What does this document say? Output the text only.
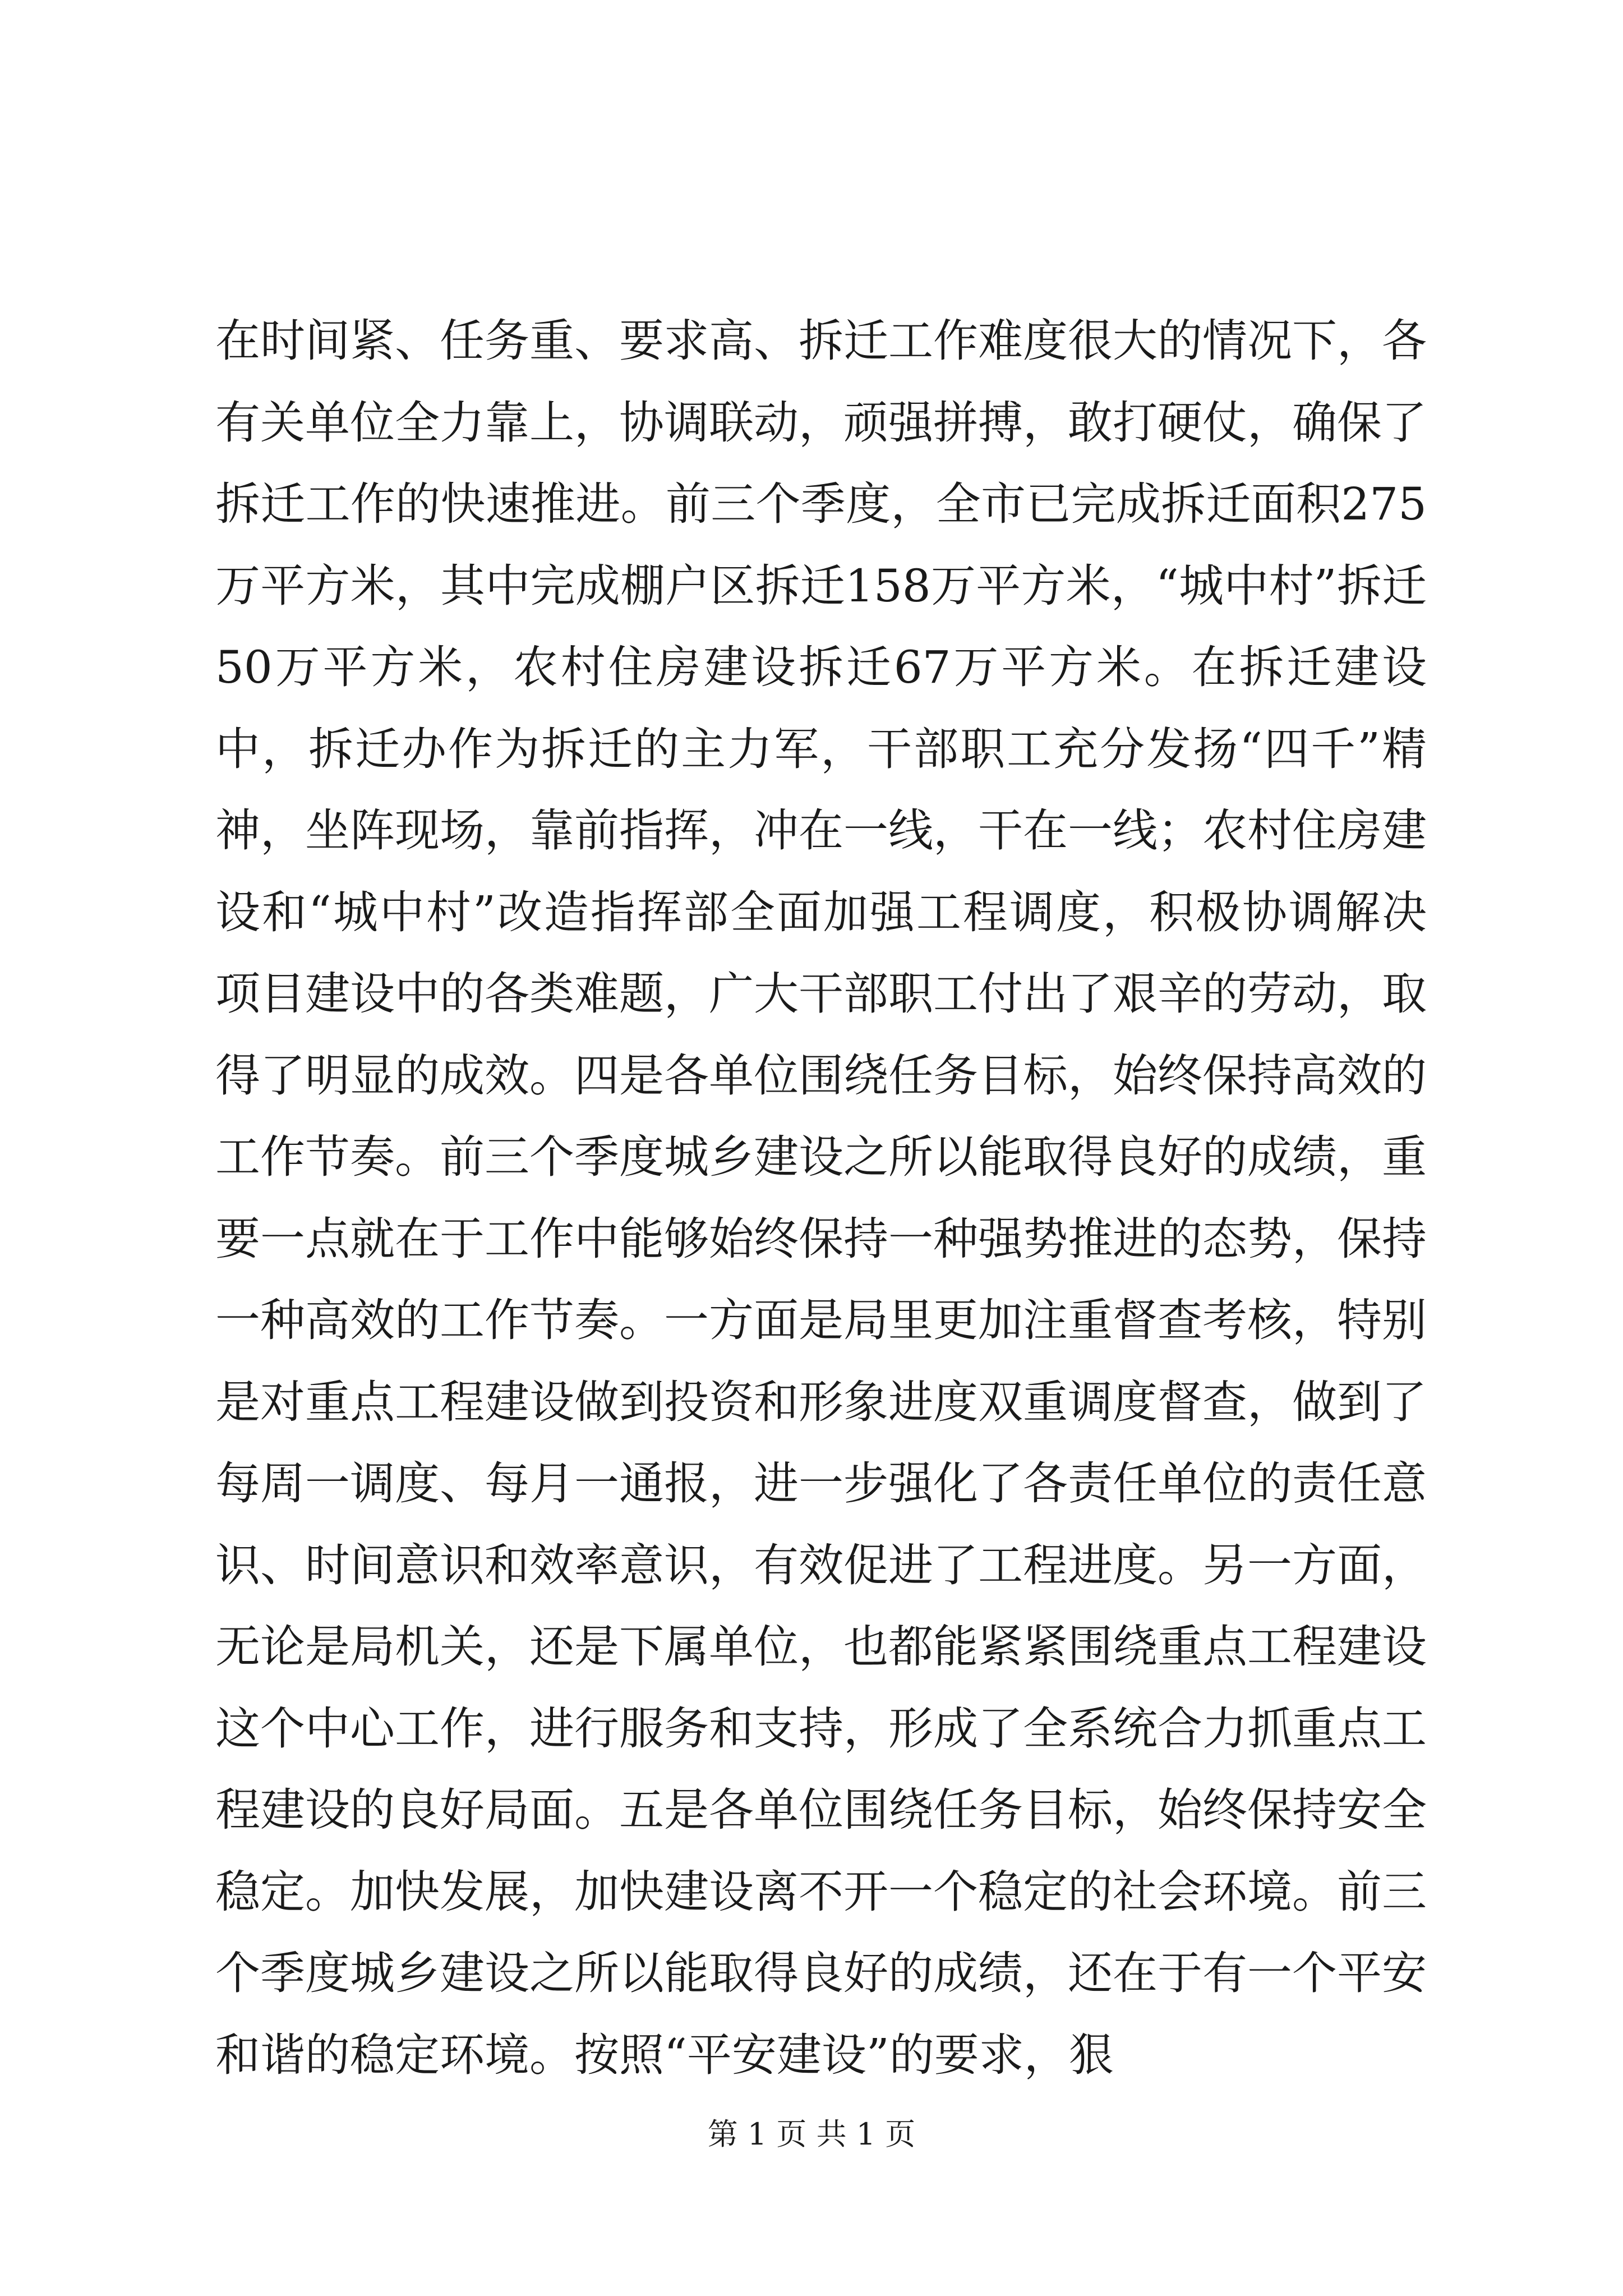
在时间紧、任务重、要求高、拆迁工作难度很大的情况下，各有关单位全力靠上，协调联动，顽强拼搏，敢打硬仗，确保了拆迁工作的快速推进。前三个季度，全市已完成拆迁面积275万平方米，其中完成棚户区拆迁158万平方米，“城中村”拆迁50万平方米，农村住房建设拆迁67万平方米。在拆迁建设中，拆迁办作为拆迁的主力军，干部职工充分发扬“四千”精神，坐阵现场，靠前指挥，冲在一线，干在一线；农村住房建设和“城中村”改造指挥部全面加强工程调度，积极协调解决项目建设中的各类难题，广大干部职工付出了艰辛的劳动，取得了明显的成效。四是各单位围绕任务目标，始终保持高效的工作节奏。前三个季度城乡建设之所以能取得良好的成绩，重要一点就在于工作中能够始终保持一种强势推进的态势，保持一种高效的工作节奏。一方面是局里更加注重督查考核，特别是对重点工程建设做到投资和形象进度双重调度督查，做到了每周一调度、每月一通报，进一步强化了各责任单位的责任意识、时间意识和效率意识，有效促进了工程进度。另一方面，无论是局机关，还是下属单位，也都能紧紧围绕重点工程建设这个中心工作，进行服务和支持，形成了全系统合力抓重点工程建设的良好局面。五是各单位围绕任务目标，始终保持安全稳定。加快发展，加快建设离不开一个稳定的社会环境。前三个季度城乡建设之所以能取得良好的成绩，还在于有一个平安和谐的稳定环境。按照“平安建设”的要求，狠

第 1 页 共 1 页
